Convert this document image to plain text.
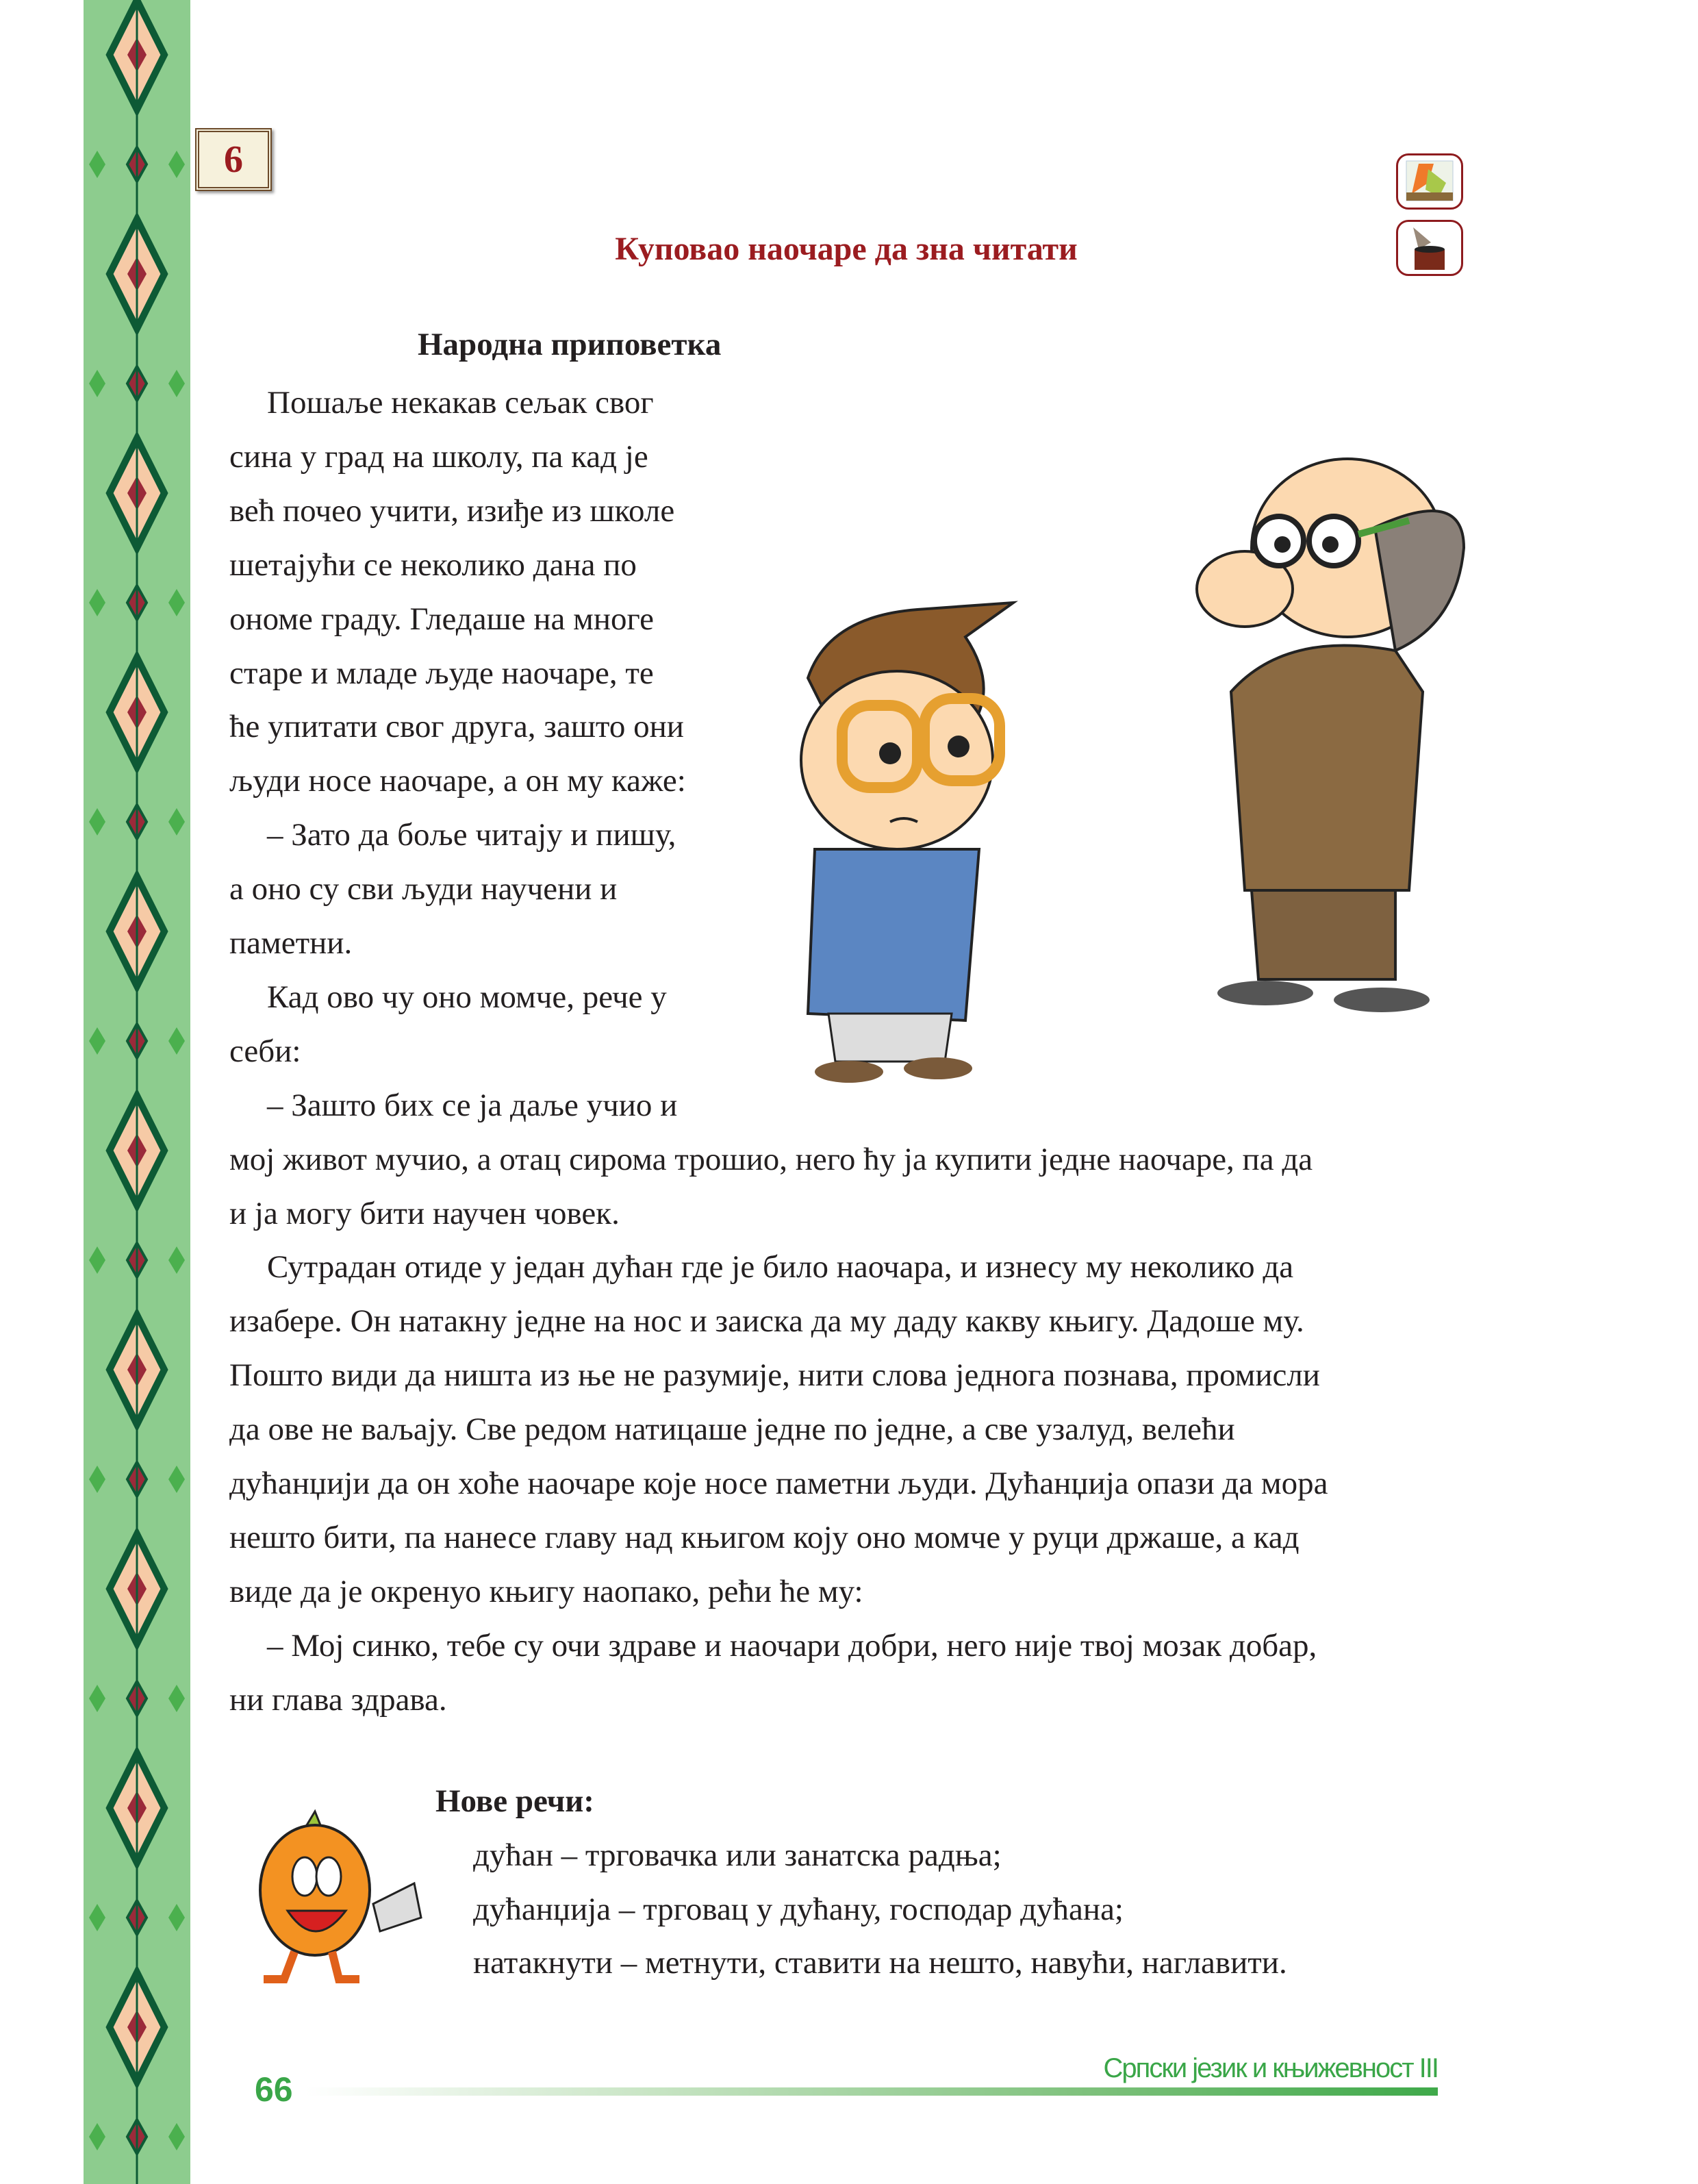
6
Куповао наочаре да зна читати
Народна приповетка
Пошаље некакав сељак свог
сина у град на школу, па кад је
већ почео учити, изиђе из школе
шетајући се неколико дана по
ономе граду. Гледаше на многе
старе и младе људе наочаре, те
ће упитати свог друга, зашто они
људи носе наочаре, а он му каже:
– Зато да боље читају и пишу,
а оно су сви људи научени и
паметни.
Кад ово чу оно момче, рече у
себи:
– Зашто бих се ја даље учио и
мој живот мучио, а отац сирома трошио, него ћу ја купити једне наочаре, па да
и ја могу бити научен човек.
Сутрадан отиде у један дућан где је било наочара, и изнесу му неколико да
изабере. Он натакну једне на нос и заиска да му даду какву књигу. Дадоше му.
Пошто види да ништа из ње не разумије, нити слова једнога познава, промисли
да ове не ваљају. Све редом натицаше једне по једне, а све узалуд, велећи
дућанџији да он хоће наочаре које носе паметни људи. Дућанџија опази да мора
нешто бити, па нанесе главу над књигом коју оно момче у руци држаше, а кад
виде да је окренуо књигу наопако, рећи ће му:
– Мој синко, тебе су очи здраве и наочари добри, него није твој мозак добар,
ни глава здрава.
Нове речи:
дућан – трговачка или занатска радња;
дућанџија – трговац у дућану, господар дућана;
натакнути – метнути, ставити на нешто, навући, наглавити.
66
Српски језик и књижевност III
